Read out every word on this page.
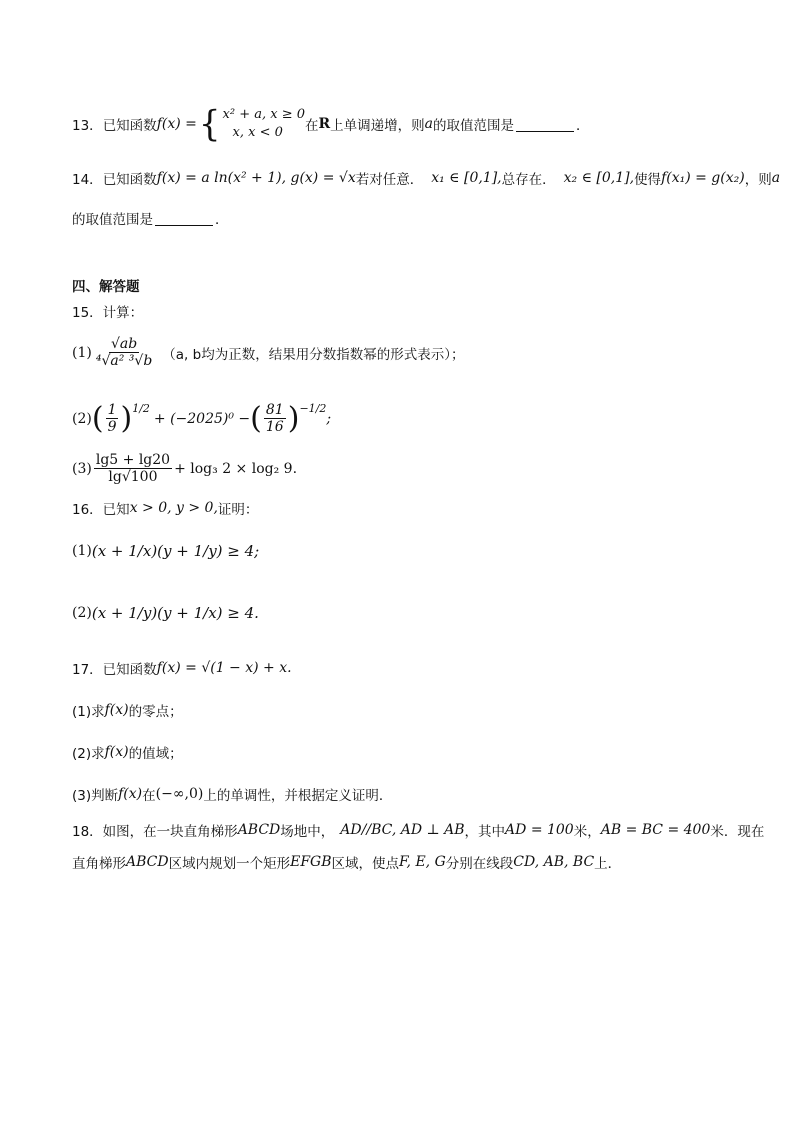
13． 已知函数 f(x) = { x² + a, x ≥ 0
x, x < 0	在 R 上单调递增，则 a 的取值范围是	．
14． 已知函数 f(x) = a ln(x² + 1), g(x) = √x 若对任意． x₁ ∈ [0,1], 总存在． x₂ ∈ [0,1], 使得 f(x₁) = g(x₂) ，则 a
的取值范围是	．
四、解答题
15．计算：
$(1) \frac{√ab}{\text{⁴√a² ³√b}} (a$, b均为正数，结果用分数指数幂的形式表示）；
(2) ( $\frac{1}{9}$ ) 1/2
+ (−2025)⁰ − ( $\frac{81}{16}$ ) −1/2
;
$(3) \frac{\lg 5 + \lg 20}{\lg√100} + \log_3$ 2 × log₂ 9.
16．已知 x > 0, y > 0, 证明：
(1) (x + 1/x)(y + 1/y) ≥ 4;
(2) (x + 1/y)(y + 1/x) ≥ 4.
17．已知函数 f(x) = √(1 − x) + x.
(1)求 f(x) 的零点；
(2)求 f(x) 的值域；
(3)判断 f(x) 在 (−∞,0) 上的单调性，并根据定义证明．
18．如图，在一块直角梯形 ABCD 场地中， AD//BC, AD ⊥ AB ，其中 AD = 100 米， AB = BC = 400 米．现在
直角梯形 ABCD 区域内规划一个矩形 EFGB 区域，使点 F, E, G 分别在线段 CD, AB, BC 上．
